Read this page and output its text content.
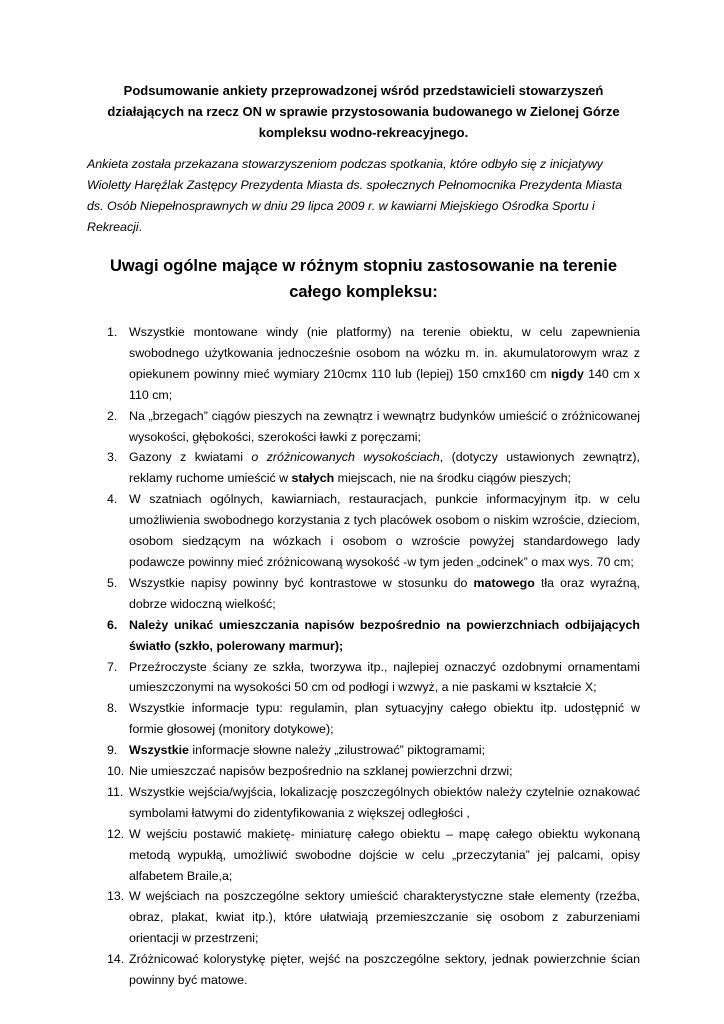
Podsumowanie ankiety przeprowadzonej wśród przedstawicieli stowarzyszeń działających na rzecz ON w sprawie przystosowania budowanego w Zielonej Górze kompleksu wodno-rekreacyjnego.

Ankieta została przekazana stowarzyszeniom podczas spotkania, które odbyło się z inicjatywy Wioletty Haręźlak Zastępcy Prezydenta Miasta ds. społecznych Pełnomocnika Prezydenta Miasta ds. Osób Niepełnosprawnych w dniu 29 lipca 2009 r. w kawiarni Miejskiego Ośrodka Sportu i Rekreacji.

Uwagi ogólne mające w różnym stopniu zastosowanie na terenie całego kompleksu:

1. Wszystkie montowane windy (nie platformy) na terenie obiektu, w celu zapewnienia swobodnego użytkowania jednocześnie osobom na wózku m. in. akumulatorowym wraz z opiekunem powinny mieć wymiary 210cmx 110 lub (lepiej) 150 cmx160 cm nigdy 140 cm x 110 cm;
2. Na „brzegach” ciągów pieszych na zewnątrz i wewnątrz budynków umieścić o zróżnicowanej wysokości, głębokości, szerokości ławki z poręczami;
3. Gazony z kwiatami o zróżnicowanych wysokościach, (dotyczy ustawionych zewnątrz), reklamy ruchome umieścić w stałych miejscach, nie na środku ciągów pieszych;
4. W szatniach ogólnych, kawiarniach, restauracjach, punkcie informacyjnym itp. w celu umożliwienia swobodnego korzystania z tych placówek osobom o niskim wzroście, dzieciom, osobom siedzącym na wózkach i osobom o wzroście powyżej standardowego lady podawcze powinny mieć zróżnicowaną wysokość -w tym jeden „odcinek” o max wys. 70 cm;
5. Wszystkie napisy powinny być kontrastowe w stosunku do matowego tła oraz wyraźną, dobrze widoczną wielkość;
6. Należy unikać umieszczania napisów bezpośrednio na powierzchniach odbijających światło (szkło, polerowany marmur);
7. Przeźroczyste ściany ze szkła, tworzywa itp., najlepiej oznaczyć ozdobnymi ornamentami umieszczonymi na wysokości 50 cm od podłogi i wzwyż, a nie paskami w kształcie X;
8. Wszystkie informacje typu: regulamin, plan sytuacyjny całego obiektu itp. udostępnić w formie głosowej (monitory dotykowe);
9. Wszystkie informacje słowne należy „zilustrować” piktogramami;
10. Nie umieszczać napisów bezpośrednio na szklanej powierzchni drzwi;
11. Wszystkie wejścia/wyjścia, lokalizację poszczególnych obiektów należy czytelnie oznakować symbolami łatwymi do zidentyfikowania z większej odległości ,
12. W wejściu postawić makietę- miniaturę całego obiektu – mapę całego obiektu wykonaną metodą wypukłą, umożliwić swobodne dojście w celu „przeczytania” jej palcami, opisy alfabetem Braile,a;
13. W wejściach na poszczególne sektory umieścić charakterystyczne stałe elementy (rzeźba, obraz, plakat, kwiat itp.), które ułatwiają przemieszczanie się osobom z zaburzeniami orientacji w przestrzeni;
14. Zróżnicować kolorystykę pięter, wejść na poszczególne sektory, jednak powierzchnie ścian powinny być matowe.
